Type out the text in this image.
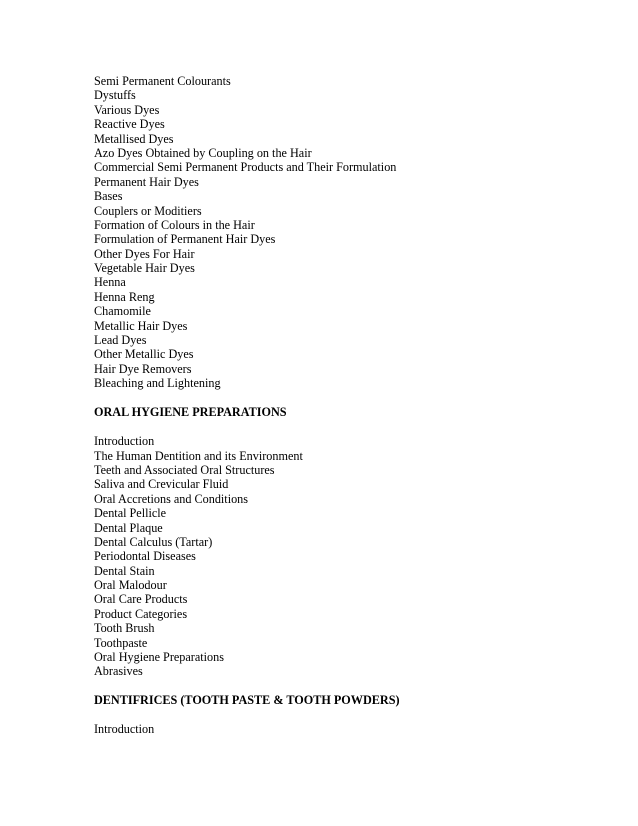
Semi Permanent Colourants
Dystuffs
Various Dyes
Reactive Dyes
Metallised Dyes
Azo Dyes Obtained by Coupling on the Hair
Commercial Semi Permanent Products and Their Formulation
Permanent Hair Dyes
Bases
Couplers or Moditiers
Formation of Colours in the Hair
Formulation of Permanent Hair Dyes
Other Dyes For Hair
Vegetable Hair Dyes
Henna
Henna Reng
Chamomile
Metallic Hair Dyes
Lead Dyes
Other Metallic Dyes
Hair Dye Removers
Bleaching and Lightening
ORAL HYGIENE PREPARATIONS
Introduction
The Human Dentition and its Environment
Teeth and Associated Oral Structures
Saliva and Crevicular Fluid
Oral Accretions and Conditions
Dental Pellicle
Dental Plaque
Dental Calculus (Tartar)
Periodontal Diseases
Dental Stain
Oral Malodour
Oral Care Products
Product Categories
Tooth Brush
Toothpaste
Oral Hygiene Preparations
Abrasives
DENTIFRICES (TOOTH PASTE & TOOTH POWDERS)
Introduction
